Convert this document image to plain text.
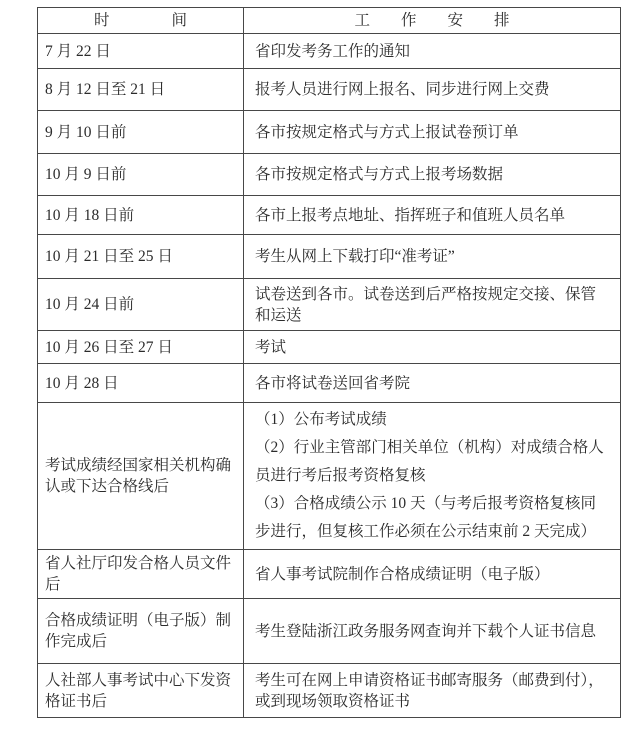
时　　　　间	工　　作　　安　　排
7 月 22 日	省印发考务工作的通知

8 月 12 日至 21 日	报考人员进行网上报名、同步进行网上交费

9 月 10 日前	各市按规定格式与方式上报试卷预订单

10 月 9 日前	各市按规定格式与方式上报考场数据

10 月 18 日前	各市上报考点地址、指挥班子和值班人员名单

10 月 21 日至 25 日	考生从网上下载打印“准考证”

10 月 24 日前	试卷送到各市。试卷送到后严格按规定交接、保管和运送

10 月 26 日至 27 日	考试

10 月 28 日	各市将试卷送回省考院

考试成绩经国家相关机构确认或下达合格线后	（1）公布考试成绩
（2）行业主管部门相关单位（机构）对成绩合格人员进行考后报考资格复核
（3）合格成绩公示 10 天（与考后报考资格复核同步进行，但复核工作必须在公示结束前 2 天完成）

省人社厅印发合格人员文件后	省人事考试院制作合格成绩证明（电子版）

合格成绩证明（电子版）制作完成后	考生登陆浙江政务服务网查询并下载个人证书信息

人社部人事考试中心下发资格证书后	考生可在网上申请资格证书邮寄服务（邮费到付），或到现场领取资格证书
